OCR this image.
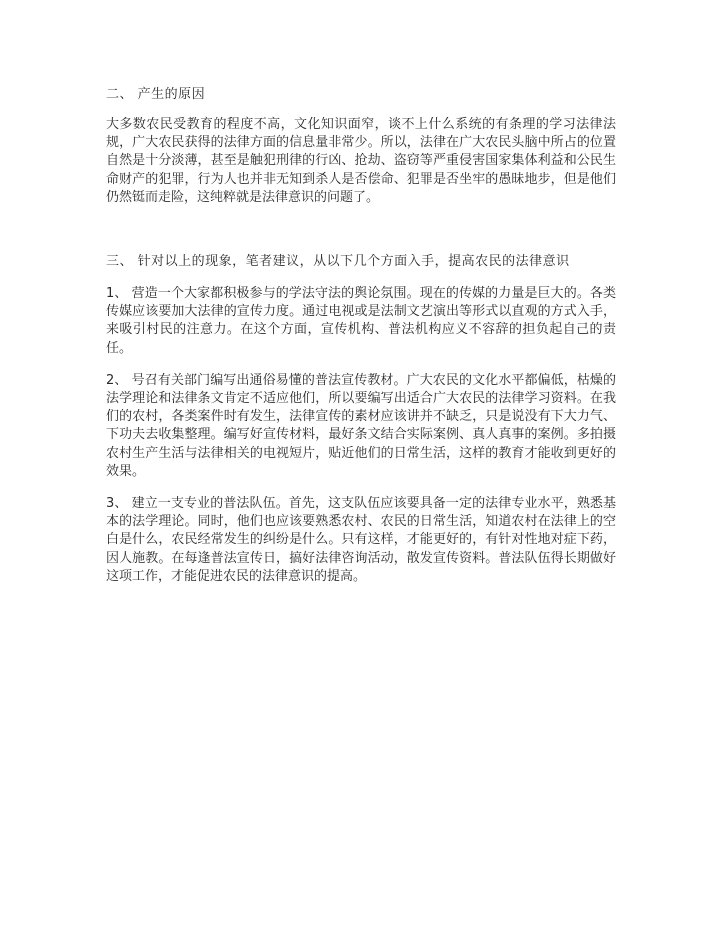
二、 产生的原因

大多数农民受教育的程度不高，文化知识面窄，谈不上什么系统的有条理的学习法律法规，广大农民获得的法律方面的信息量非常少。所以，法律在广大农民头脑中所占的位置自然是十分淡薄，甚至是触犯刑律的行凶、抢劫、盗窃等严重侵害国家集体利益和公民生命财产的犯罪，行为人也并非无知到杀人是否偿命、犯罪是否坐牢的愚昧地步，但是他们仍然铤而走险，这纯粹就是法律意识的问题了。

三、 针对以上的现象，笔者建议，从以下几个方面入手，提高农民的法律意识

1、 营造一个大家都积极参与的学法守法的舆论氛围。现在的传媒的力量是巨大的。各类传媒应该要加大法律的宣传力度。通过电视或是法制文艺演出等形式以直观的方式入手，来吸引村民的注意力。在这个方面，宣传机构、普法机构应义不容辞的担负起自己的责任。

2、 号召有关部门编写出通俗易懂的普法宣传教材。广大农民的文化水平都偏低，枯燥的法学理论和法律条文肯定不适应他们，所以要编写出适合广大农民的法律学习资料。在我们的农村，各类案件时有发生，法律宣传的素材应该讲并不缺乏，只是说没有下大力气、下功夫去收集整理。编写好宣传材料，最好条文结合实际案例、真人真事的案例。多拍摄农村生产生活与法律相关的电视短片，贴近他们的日常生活，这样的教育才能收到更好的效果。

3、 建立一支专业的普法队伍。首先，这支队伍应该要具备一定的法律专业水平，熟悉基本的法学理论。同时，他们也应该要熟悉农村、农民的日常生活，知道农村在法律上的空白是什么，农民经常发生的纠纷是什么。只有这样，才能更好的，有针对性地对症下药，因人施教。在每逢普法宣传日，搞好法律咨询活动，散发宣传资料。普法队伍得长期做好这项工作，才能促进农民的法律意识的提高。
